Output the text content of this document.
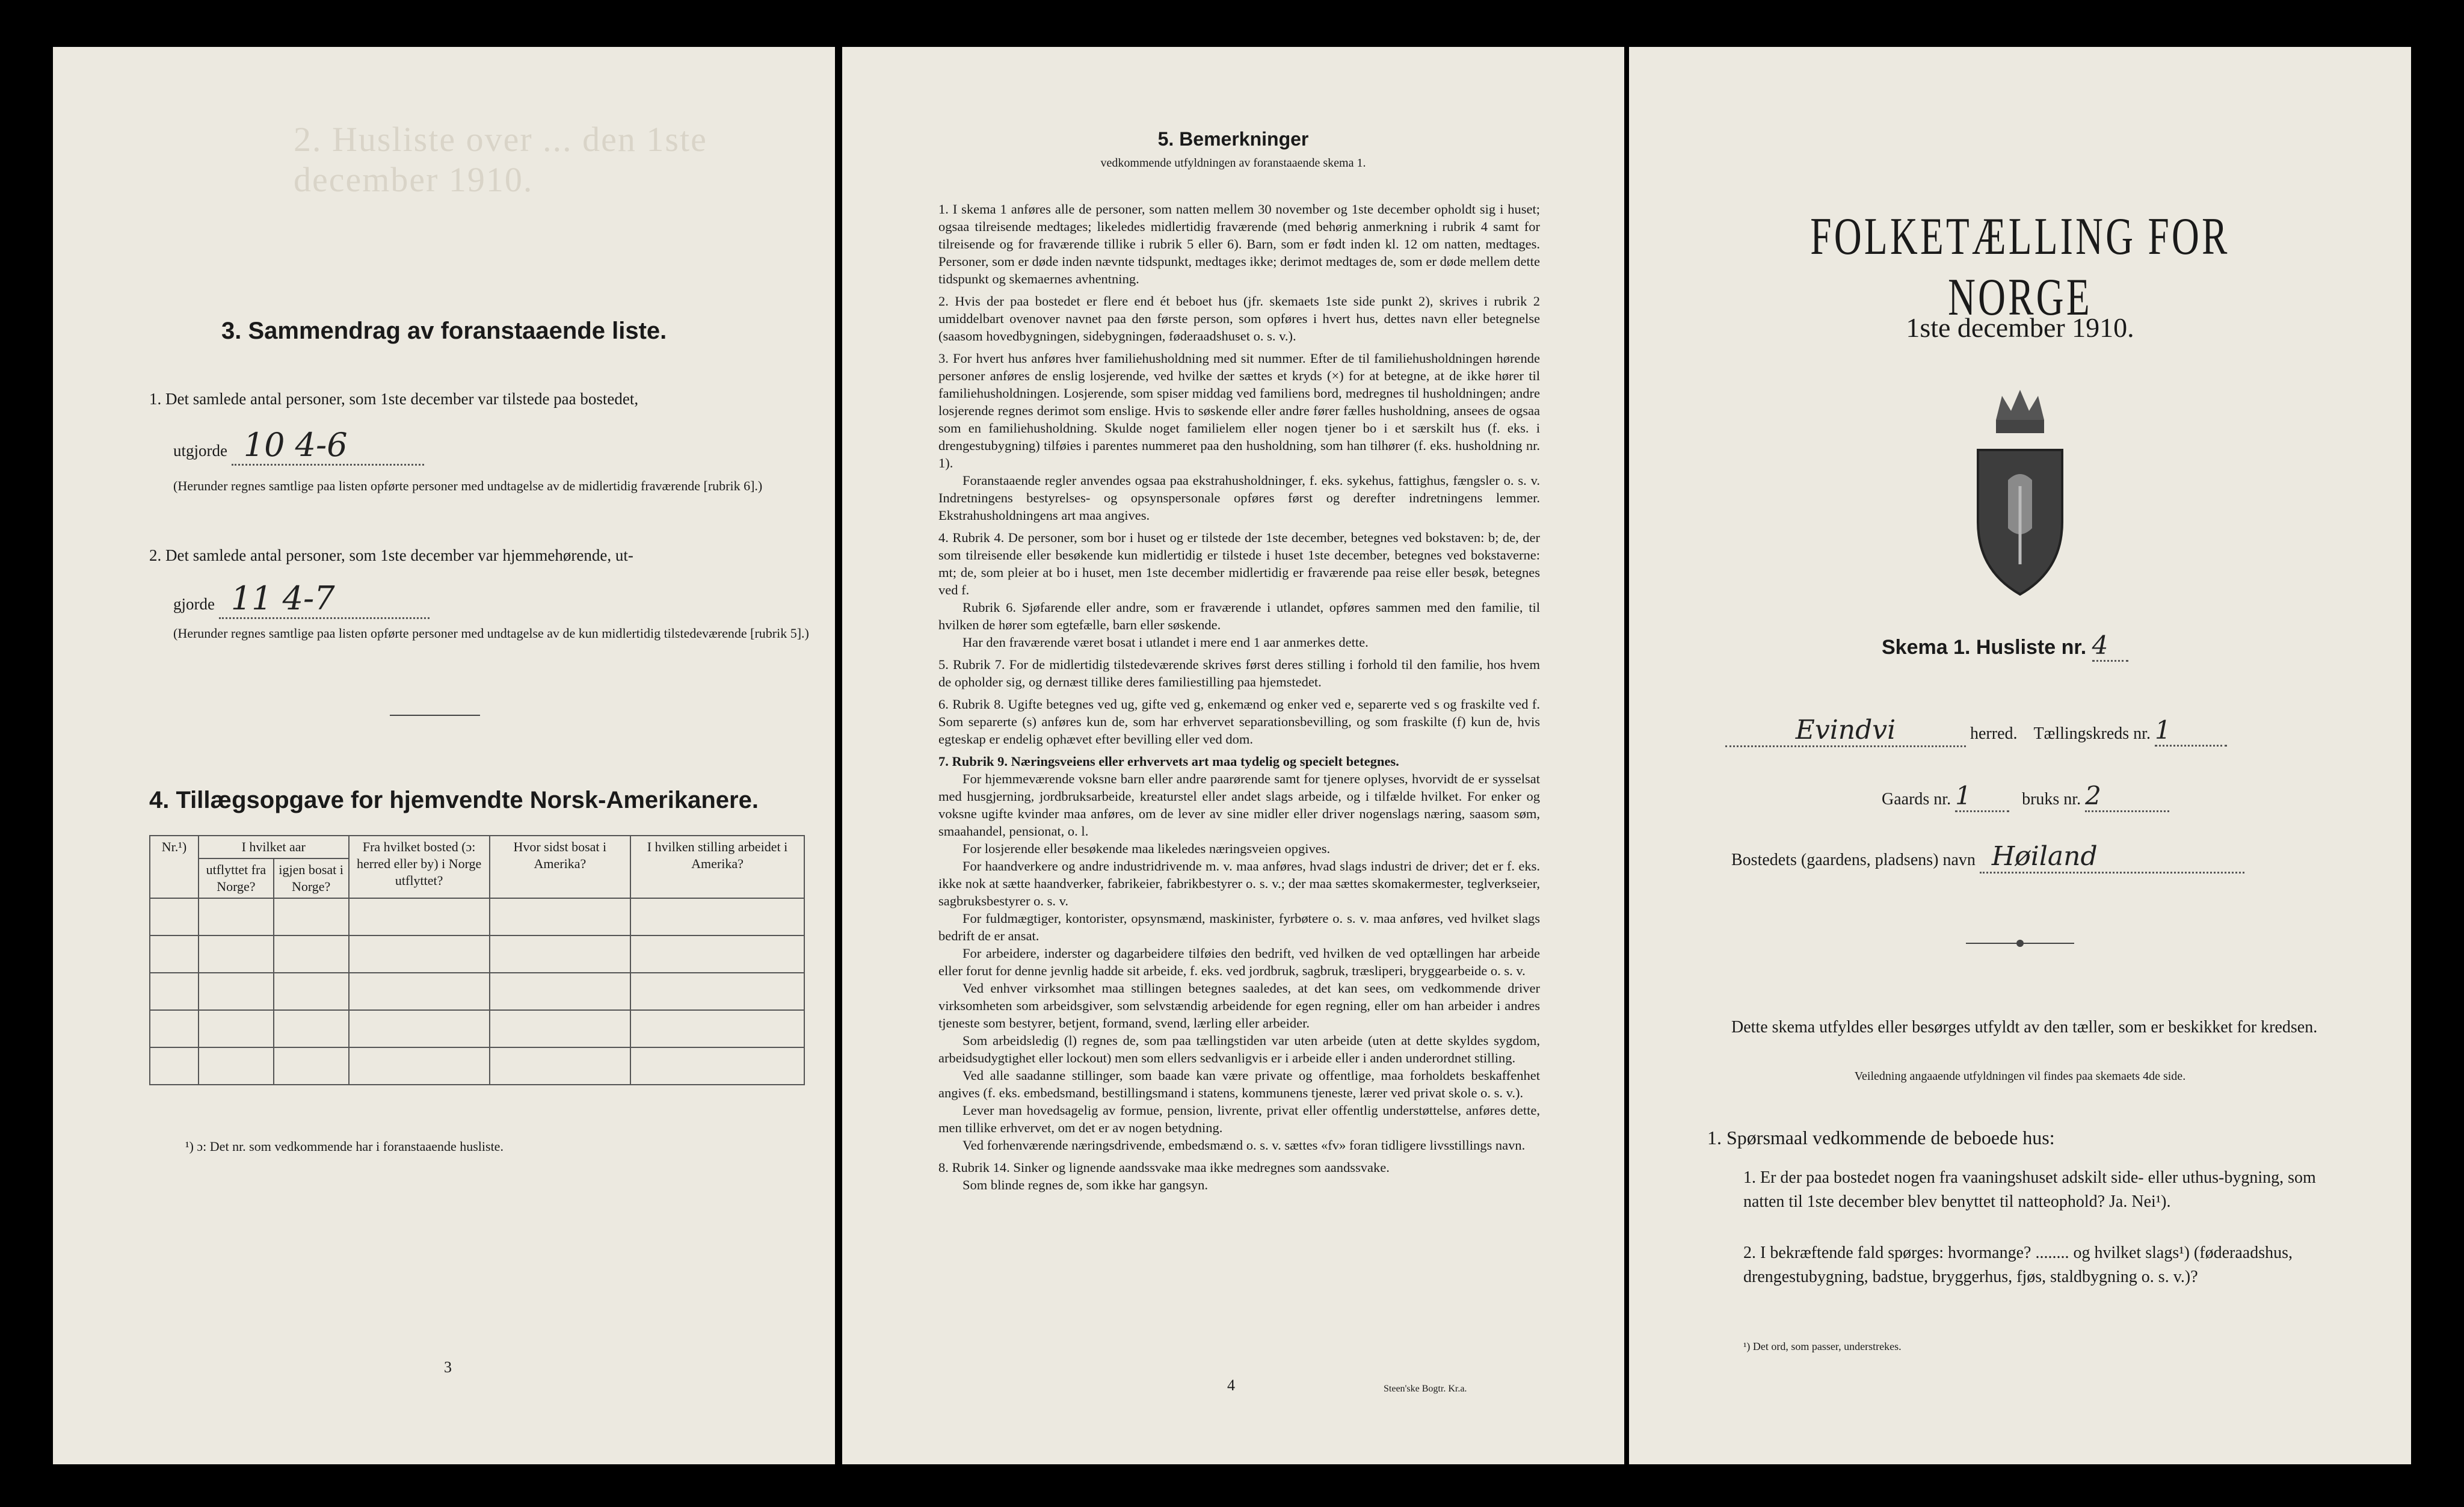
2. Husliste over ... den 1ste december 1910.
3. Sammendrag av foranstaaende liste.
1. Det samlede antal personer, som 1ste december var tilstede paa bostedet,
utgjorde 10 4-6
(Herunder regnes samtlige paa listen opførte personer med undtagelse av de midlertidig fraværende [rubrik 6].)
2. Det samlede antal personer, som 1ste december var hjemmehørende, ut-
gjorde 11 4-7
(Herunder regnes samtlige paa listen opførte personer med undtagelse av de kun midlertidig tilstedeværende [rubrik 5].)
4. Tillægsopgave for hjemvendte Norsk-Amerikanere.
Nr.¹)	I hvilket aar		Fra hvilket bosted (ɔ: herred eller by) i Norge utflyttet?	Hvor sidst bosat i Amerika?	I hvilken stilling arbeidet i Amerika?
	utflyttet fra Norge?	igjen bosat i Norge?			

¹) ɔ: Det nr. som vedkommende har i foranstaaende husliste.
3
5. Bemerkninger
vedkommende utfyldningen av foranstaaende skema 1.

1. I skema 1 anføres alle de personer, som natten mellem 30 november og 1ste december opholdt sig i huset; ogsaa tilreisende medtages; likeledes midlertidig fraværende (med behørig anmerkning i rubrik 4 samt for tilreisende og for fraværende tillike i rubrik 5 eller 6). Barn, som er født inden kl. 12 om natten, medtages. Personer, som er døde inden nævnte tidspunkt, medtages ikke; derimot medtages de, som er døde mellem dette tidspunkt og skemaernes avhentning.

2. Hvis der paa bostedet er flere end ét beboet hus (jfr. skemaets 1ste side punkt 2), skrives i rubrik 2 umiddelbart ovenover navnet paa den første person, som opføres i hvert hus, dettes navn eller betegnelse (saasom hovedbygningen, sidebygningen, føderaadshuset o. s. v.).

3. For hvert hus anføres hver familiehusholdning med sit nummer. Efter de til familiehusholdningen hørende personer anføres de enslig losjerende, ved hvilke der sættes et kryds (×) for at betegne, at de ikke hører til familiehusholdningen. Losjerende, som spiser middag ved familiens bord, medregnes til husholdningen; andre losjerende regnes derimot som enslige. Hvis to søskende eller andre fører fælles husholdning, ansees de ogsaa som en familiehusholdning. Skulde noget familielem eller nogen tjener bo i et særskilt hus (f. eks. i drengestubygning) tilføies i parentes nummeret paa den husholdning, som han tilhører (f. eks. husholdning nr. 1).

Foranstaaende regler anvendes ogsaa paa ekstrahusholdninger, f. eks. sykehus, fattighus, fængsler o. s. v. Indretningens bestyrelses- og opsynspersonale opføres først og derefter indretningens lemmer. Ekstrahusholdningens art maa angives.

4. Rubrik 4. De personer, som bor i huset og er tilstede der 1ste december, betegnes ved bokstaven: b; de, der som tilreisende eller besøkende kun midlertidig er tilstede i huset 1ste december, betegnes ved bokstaverne: mt; de, som pleier at bo i huset, men 1ste december midlertidig er fraværende paa reise eller besøk, betegnes ved f.

Rubrik 6. Sjøfarende eller andre, som er fraværende i utlandet, opføres sammen med den familie, til hvilken de hører som egtefælle, barn eller søskende.

Har den fraværende været bosat i utlandet i mere end 1 aar anmerkes dette.

5. Rubrik 7. For de midlertidig tilstedeværende skrives først deres stilling i forhold til den familie, hos hvem de opholder sig, og dernæst tillike deres familiestilling paa hjemstedet.

6. Rubrik 8. Ugifte betegnes ved ug, gifte ved g, enkemænd og enker ved e, separerte ved s og fraskilte ved f. Som separerte (s) anføres kun de, som har erhvervet separationsbevilling, og som fraskilte (f) kun de, hvis egteskap er endelig ophævet efter bevilling eller ved dom.

7. Rubrik 9. Næringsveiens eller erhvervets art maa tydelig og specielt betegnes.

For hjemmeværende voksne barn eller andre paarørende samt for tjenere oplyses, hvorvidt de er sysselsat med husgjerning, jordbruksarbeide, kreaturstel eller andet slags arbeide, og i tilfælde hvilket. For enker og voksne ugifte kvinder maa anføres, om de lever av sine midler eller driver nogenslags næring, saasom søm, smaahandel, pensionat, o. l.

For losjerende eller besøkende maa likeledes næringsveien opgives.

For haandverkere og andre industridrivende m. v. maa anføres, hvad slags industri de driver; det er f. eks. ikke nok at sætte haandverker, fabrikeier, fabrikbestyrer o. s. v.; der maa sættes skomakermester, teglverkseier, sagbruksbestyrer o. s. v.

For fuldmægtiger, kontorister, opsynsmænd, maskinister, fyrbøtere o. s. v. maa anføres, ved hvilket slags bedrift de er ansat.

For arbeidere, inderster og dagarbeidere tilføies den bedrift, ved hvilken de ved optællingen har arbeide eller forut for denne jevnlig hadde sit arbeide, f. eks. ved jordbruk, sagbruk, træsliperi, bryggearbeide o. s. v.

Ved enhver virksomhet maa stillingen betegnes saaledes, at det kan sees, om vedkommende driver virksomheten som arbeidsgiver, som selvstændig arbeidende for egen regning, eller om han arbeider i andres tjeneste som bestyrer, betjent, formand, svend, lærling eller arbeider.

Som arbeidsledig (l) regnes de, som paa tællingstiden var uten arbeide (uten at dette skyldes sygdom, arbeidsudygtighet eller lockout) men som ellers sedvanligvis er i arbeide eller i anden underordnet stilling.

Ved alle saadanne stillinger, som baade kan være private og offentlige, maa forholdets beskaffenhet angives (f. eks. embedsmand, bestillingsmand i statens, kommunens tjeneste, lærer ved privat skole o. s. v.).

Lever man hovedsagelig av formue, pension, livrente, privat eller offentlig understøttelse, anføres dette, men tillike erhvervet, om det er av nogen betydning.

Ved forhenværende næringsdrivende, embedsmænd o. s. v. sættes «fv» foran tidligere livsstillings navn.

8. Rubrik 14. Sinker og lignende aandssvake maa ikke medregnes som aandssvake.

Som blinde regnes de, som ikke har gangsyn.

4	Steen'ske Bogtr. Kr.a.
FOLKETÆLLING FOR NORGE
1ste december 1910.
Skema 1. Husliste nr. 4
Evindvi	herred. Tællingskreds nr. 1
Gaards nr. 1	bruks nr. 2
Bostedets (gaardens, pladsens) navn Høiland
Dette skema utfyldes eller besørges utfyldt av den tæller, som er beskikket for kredsen.
Veiledning angaaende utfyldningen vil findes paa skemaets 4de side.
1. Spørsmaal vedkommende de beboede hus:
1. Er der paa bostedet nogen fra vaaningshuset adskilt side- eller uthus-bygning, som natten til 1ste december blev benyttet til natteophold? Ja. Nei¹).
2. I bekræftende fald spørges: hvormange? ........ og hvilket slags¹) (føderaadshus, drengestubygning, badstue, bryggerhus, fjøs, staldbygning o. s. v.)?
¹) Det ord, som passer, understrekes.
